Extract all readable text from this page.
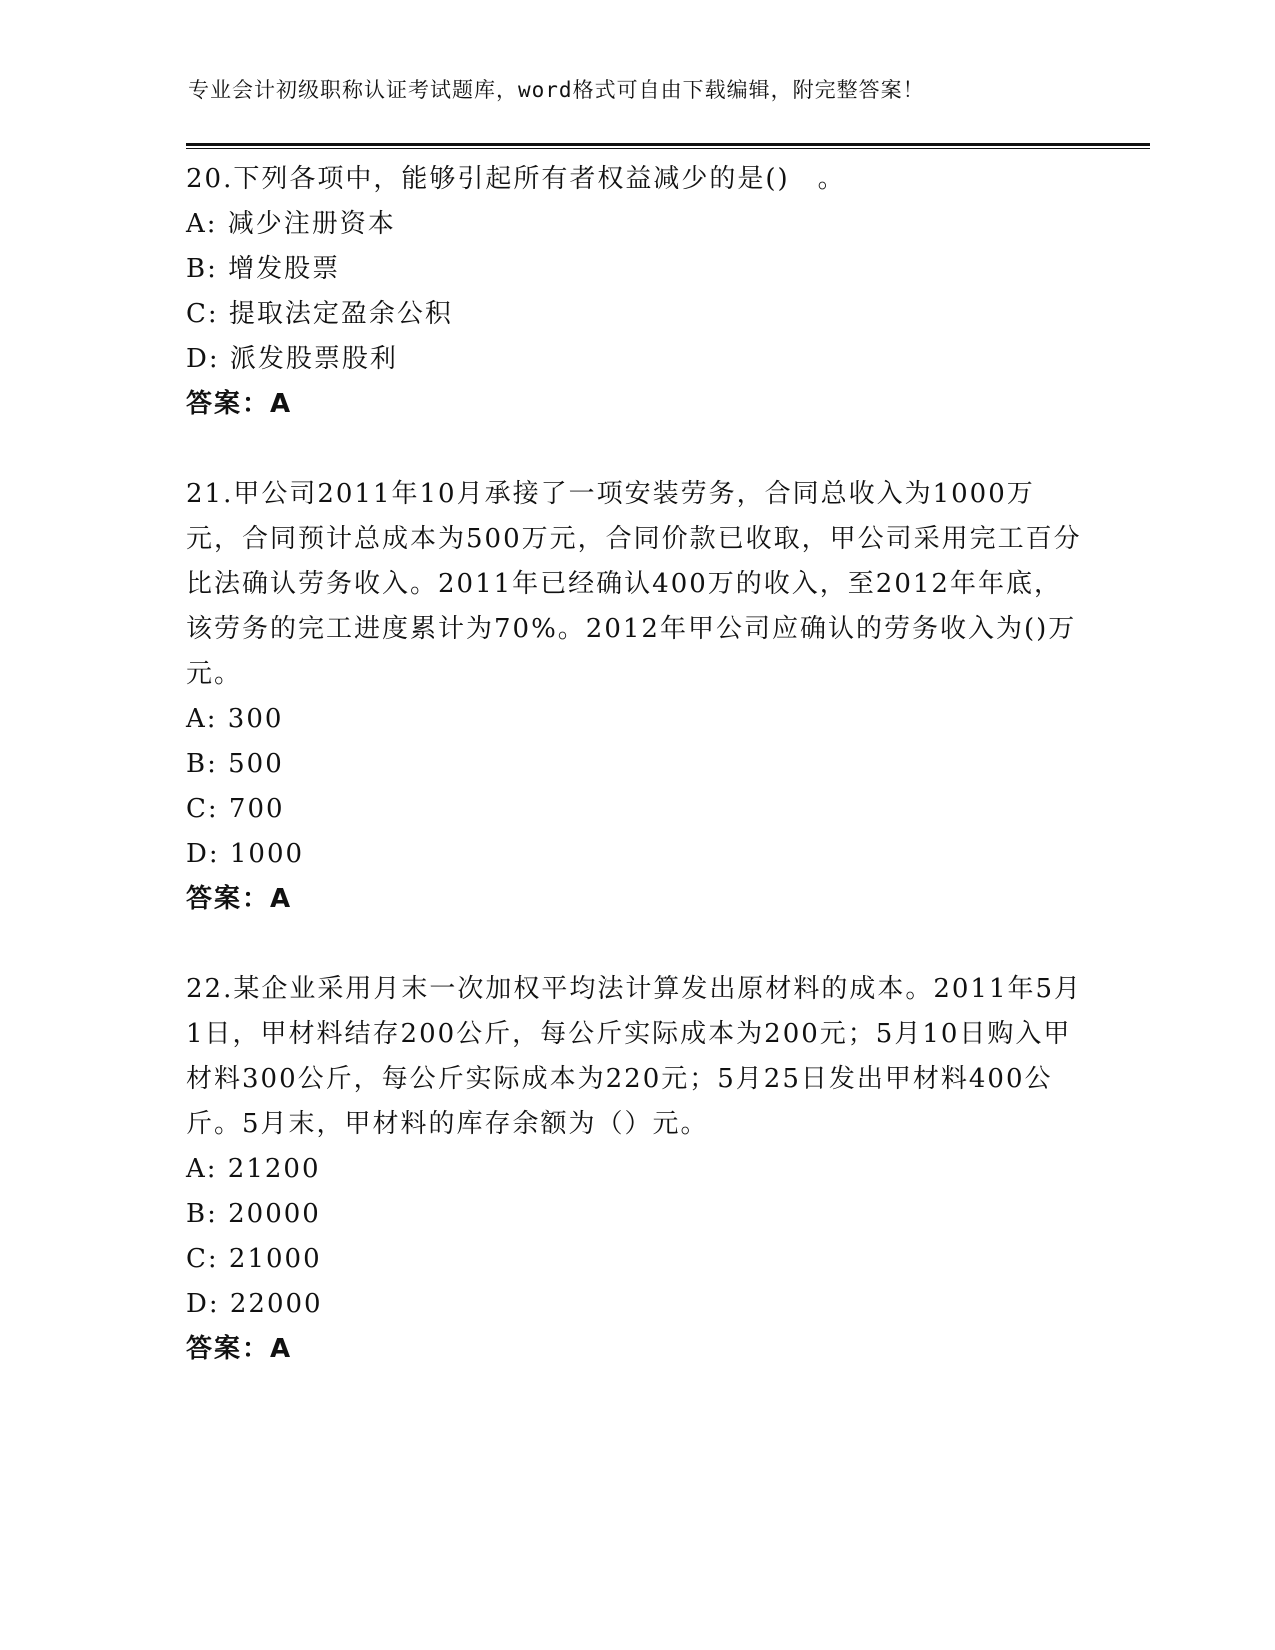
专业会计初级职称认证考试题库，word格式可自由下载编辑，附完整答案！

20.下列各项中，能够引起所有者权益减少的是()　。

A: 减少注册资本

B: 增发股票

C: 提取法定盈余公积

D: 派发股票股利

答案：A

21.甲公司2011年10月承接了一项安装劳务，合同总收入为1000万元，合同预计总成本为500万元，合同价款已收取，甲公司采用完工百分比法确认劳务收入。2011年已经确认400万的收入，至2012年年底，该劳务的完工进度累计为70%。2012年甲公司应确认的劳务收入为()万元。

A: 300

B: 500

C: 700

D: 1000

答案：A

22.某企业采用月末一次加权平均法计算发出原材料的成本。2011年5月1日，甲材料结存200公斤，每公斤实际成本为200元；5月10日购入甲材料300公斤，每公斤实际成本为220元；5月25日发出甲材料400公斤。5月末，甲材料的库存余额为（）元。

A: 21200

B: 20000

C: 21000

D: 22000

答案：A
